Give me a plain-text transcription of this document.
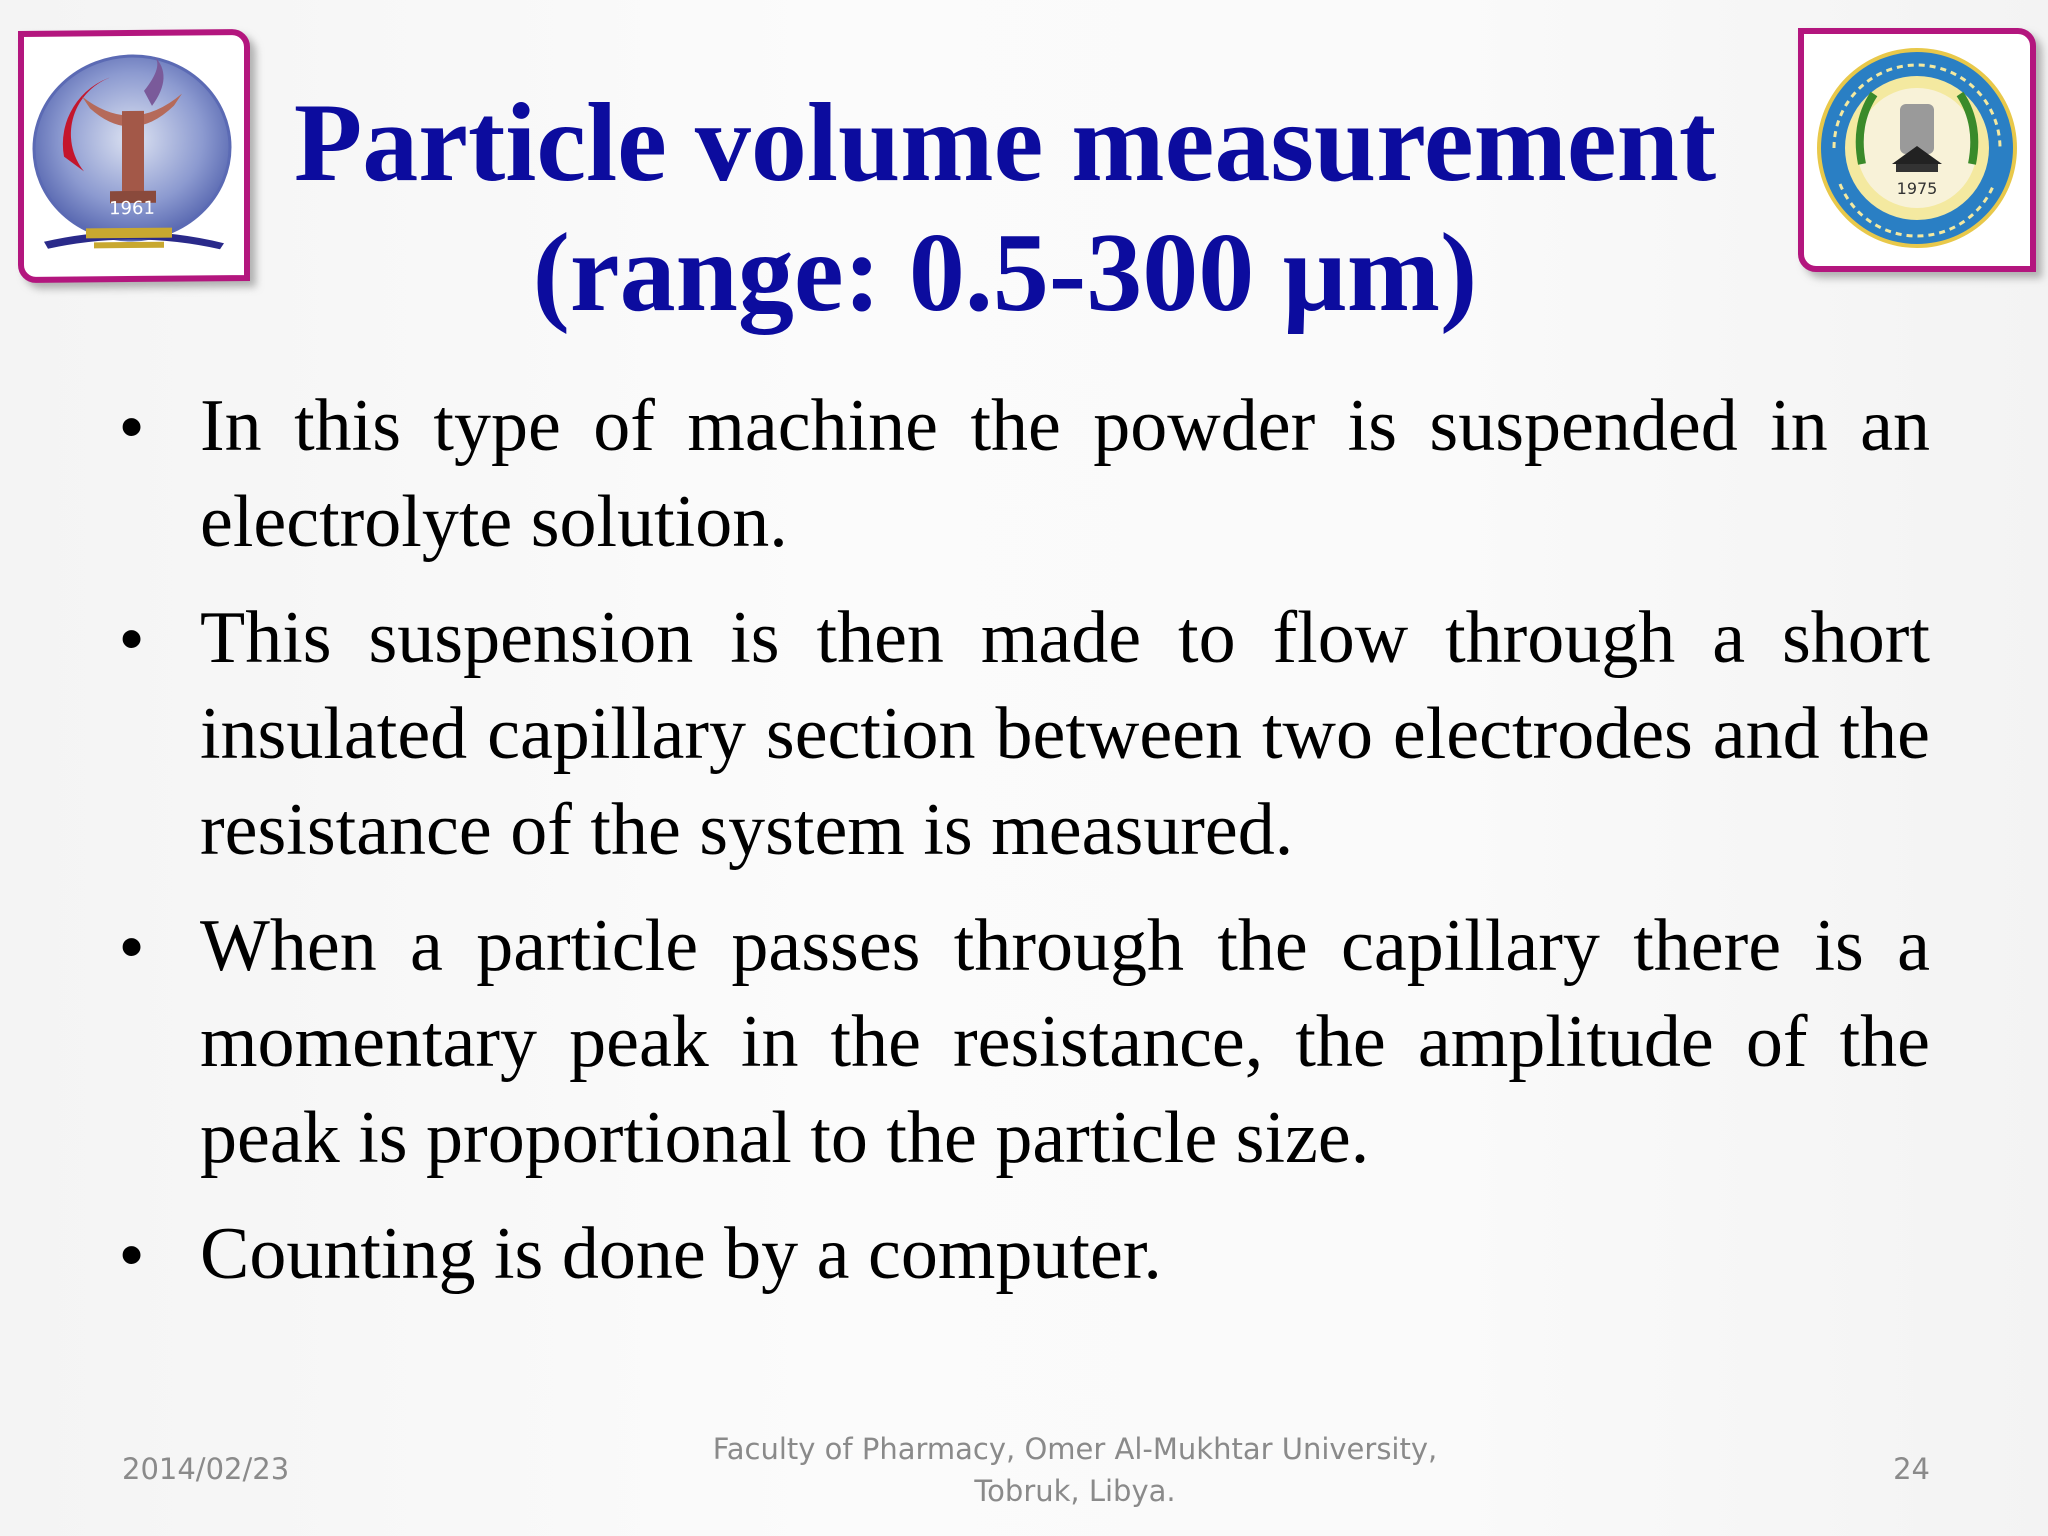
1961
1975
Particle volume measurement
(range: 0.5-300 µm)
• In this type of machine the powder is suspended in an electrolyte solution.
• This suspension is then made to flow through a short insulated capillary section between two electrodes and the resistance of the system is measured.
• When a particle passes through the capillary there is a momentary peak in the resistance, the amplitude of the peak is proportional to the particle size.
• Counting is done by a computer.
2014/02/23
Faculty of Pharmacy, Omer Al-Mukhtar University,
Tobruk, Libya.
24
